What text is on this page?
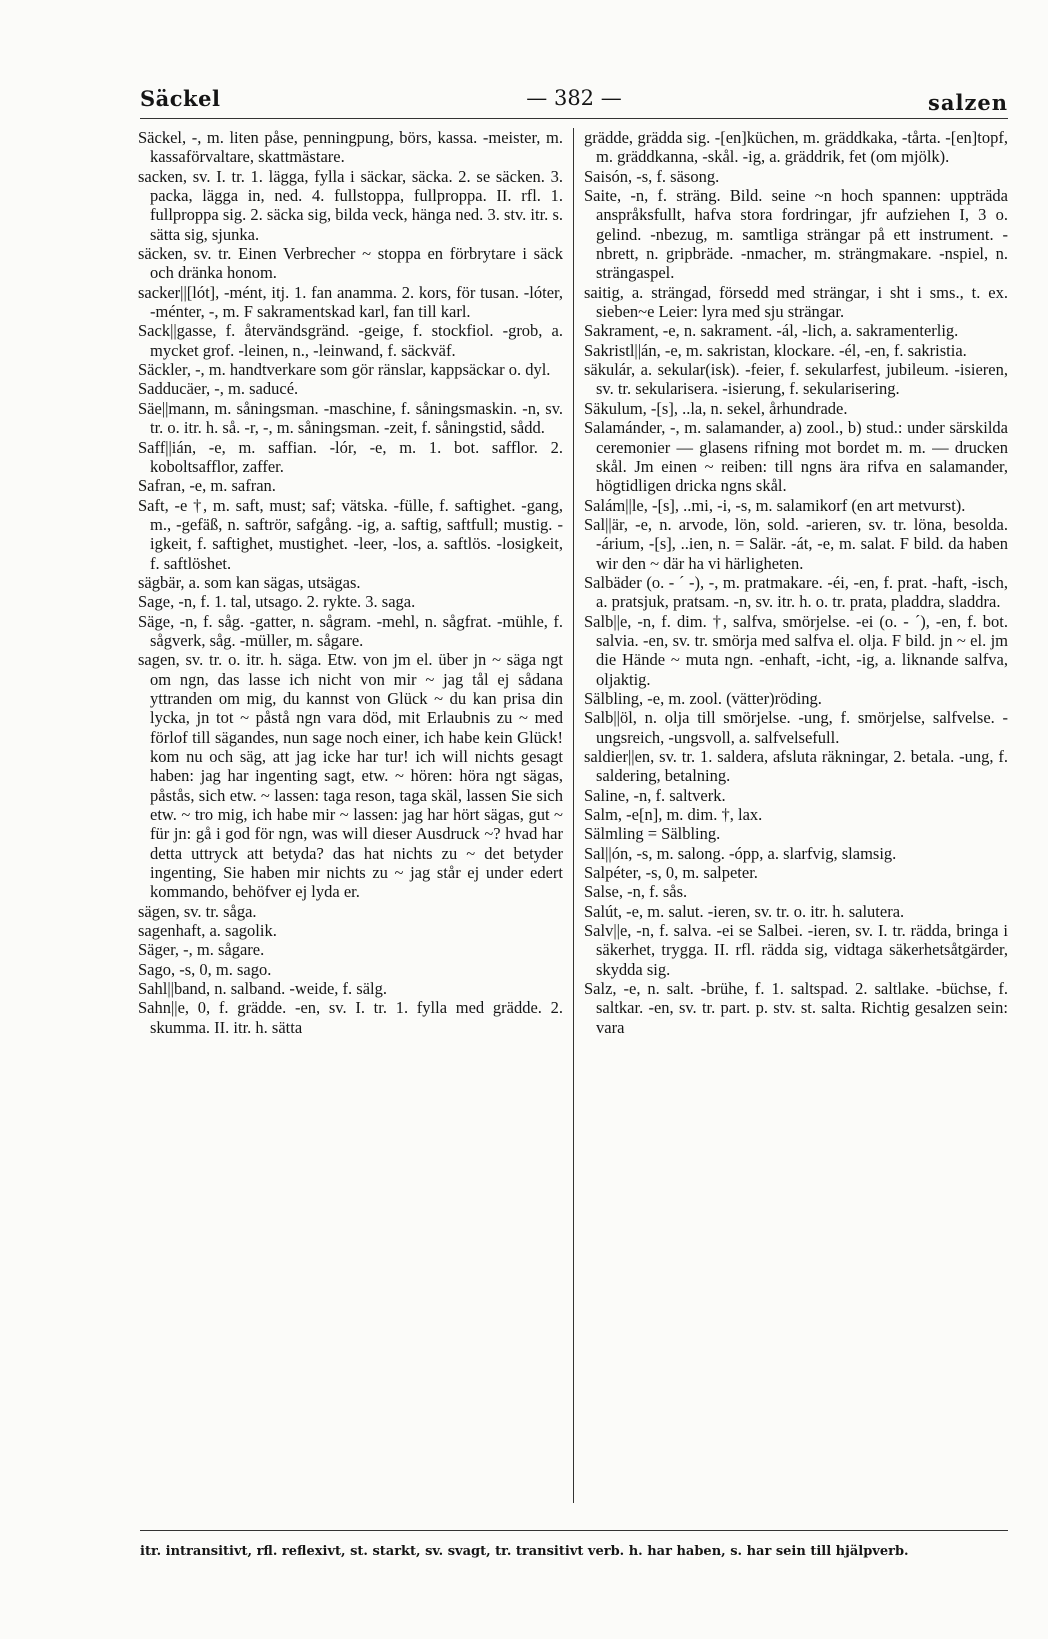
Säckel	— 382 —	salzen

Säckel, -, m. liten påse, penningpung, börs, kassa. -meister, m. kassaförvaltare, skattmästare.

sacken, sv. I. tr. 1. lägga, fylla i säckar, säcka. 2. se säcken. 3. packa, lägga in, ned. 4. fullstoppa, fullproppa. II. rfl. 1. fullproppa sig. 2. säcka sig, bilda veck, hänga ned. 3. stv. itr. s. sätta sig, sjunka.

säcken, sv. tr. Einen Verbrecher ~ stoppa en förbrytare i säck och dränka honom.

sacker||[lót], -mént, itj. 1. fan anamma. 2. kors, för tusan. -lóter, -ménter, -, m. F sakramentskad karl, fan till karl.

Sack||gasse, f. återvändsgränd. -geige, f. stockfiol. -grob, a. mycket grof. -leinen, n., -leinwand, f. säckväf.

Säckler, -, m. handtverkare som gör ränslar, kappsäckar o. dyl.

Sadducäer, -, m. saducé.

Säe||mann, m. såningsman. -maschine, f. såningsmaskin. -n, sv. tr. o. itr. h. så. -r, -, m. såningsman. -zeit, f. såningstid, sådd.

Saff||ián, -e, m. saffian. -lór, -e, m. 1. bot. safflor. 2. koboltsafflor, zaffer.

Safran, -e, m. safran.

Saft, -e †, m. saft, must; saf; vätska. -fülle, f. saftighet. -gang, m., -gefäß, n. saftrör, safgång. -ig, a. saftig, saftfull; mustig. -igkeit, f. saftighet, mustighet. -leer, -los, a. saftlös. -losigkeit, f. saftlöshet.

sägbär, a. som kan sägas, utsägas.

Sage, -n, f. 1. tal, utsago. 2. rykte. 3. saga.

Säge, -n, f. såg. -gatter, n. sågram. -mehl, n. sågfrat. -mühle, f. sågverk, såg. -müller, m. sågare.

sagen, sv. tr. o. itr. h. säga. Etw. von jm el. über jn ~ säga ngt om ngn, das lasse ich nicht von mir ~ jag tål ej sådana yttranden om mig, du kannst von Glück ~ du kan prisa din lycka, jn tot ~ påstå ngn vara död, mit Erlaubnis zu ~ med förlof till sägandes, nun sage noch einer, ich habe kein Glück! kom nu och säg, att jag icke har tur! ich will nichts gesagt haben: jag har ingenting sagt, etw. ~ hören: höra ngt sägas, påstås, sich etw. ~ lassen: taga reson, taga skäl, lassen Sie sich etw. ~ tro mig, ich habe mir ~ lassen: jag har hört sägas, gut ~ für jn: gå i god för ngn, was will dieser Ausdruck ~? hvad har detta uttryck att betyda? das hat nichts zu ~ det betyder ingenting, Sie haben mir nichts zu ~ jag står ej under edert kommando, behöfver ej lyda er.

sägen, sv. tr. såga.

sagenhaft, a. sagolik.

Säger, -, m. sågare.

Sago, -s, 0, m. sago.

Sahl||band, n. salband. -weide, f. sälg.

Sahn||e, 0, f. grädde. -en, sv. I. tr. 1. fylla med grädde. 2. skumma. II. itr. h. sätta

grädde, grädda sig. -[en]küchen, m. gräddkaka, -tårta. -[en]topf, m. gräddkanna, -skål. -ig, a. gräddrik, fet (om mjölk).

Saisón, -s, f. säsong.

Saite, -n, f. sträng. Bild. seine ~n hoch spannen: uppträda anspråksfullt, hafva stora fordringar, jfr aufziehen I, 3 o. gelind. -nbezug, m. samtliga strängar på ett instrument. -nbrett, n. gripbräde. -nmacher, m. strängmakare. -nspiel, n. strängaspel.

saitig, a. strängad, försedd med strängar, i sht i sms., t. ex. sieben~e Leier: lyra med sju strängar.

Sakrament, -e, n. sakrament. -ál, -lich, a. sakramenterlig.

Sakristl||án, -e, m. sakristan, klockare. -él, -en, f. sakristia.

säkulár, a. sekular(isk). -feier, f. sekularfest, jubileum. -isieren, sv. tr. sekularisera. -isierung, f. sekularisering.

Säkulum, -[s], ..la, n. sekel, århundrade.

Salamánder, -, m. salamander, a) zool., b) stud.: under särskilda ceremonier — glasens rifning mot bordet m. m. — drucken skål. Jm einen ~ reiben: till ngns ära rifva en salamander, högtidligen dricka ngns skål.

Salám||le, -[s], ..mi, -i, -s, m. salamikorf (en art metvurst).

Sal||är, -e, n. arvode, lön, sold. -arieren, sv. tr. löna, besolda. -árium, -[s], ..ien, n. = Salär. -át, -e, m. salat. F bild. da haben wir den ~ där ha vi härligheten.

Salbäder (o. - ´ -), -, m. pratmakare. -éi, -en, f. prat. -haft, -isch, a. pratsjuk, pratsam. -n, sv. itr. h. o. tr. prata, pladdra, sladdra.

Salb||e, -n, f. dim. †, salfva, smörjelse. -ei (o. - ´), -en, f. bot. salvia. -en, sv. tr. smörja med salfva el. olja. F bild. jn ~ el. jm die Hände ~ muta ngn. -enhaft, -icht, -ig, a. liknande salfva, oljaktig.

Sälbling, -e, m. zool. (vätter)röding.

Salb||öl, n. olja till smörjelse. -ung, f. smörjelse, salfvelse. -ungsreich, -ungsvoll, a. salfvelsefull.

saldier||en, sv. tr. 1. saldera, afsluta räkningar, 2. betala. -ung, f. saldering, betalning.

Saline, -n, f. saltverk.

Salm, -e[n], m. dim. †, lax.

Sälmling = Sälbling.

Sal||ón, -s, m. salong. -ópp, a. slarfvig, slamsig.

Salpéter, -s, 0, m. salpeter.

Salse, -n, f. sås.

Salút, -e, m. salut. -ieren, sv. tr. o. itr. h. salutera.

Salv||e, -n, f. salva. -ei se Salbei. -ieren, sv. I. tr. rädda, bringa i säkerhet, trygga. II. rfl. rädda sig, vidtaga säkerhetsåtgärder, skydda sig.

Salz, -e, n. salt. -brühe, f. 1. saltspad. 2. saltlake. -büchse, f. saltkar. -en, sv. tr. part. p. stv. st. salta. Richtig gesalzen sein: vara

itr. intransitivt, rfl. reflexivt, st. starkt, sv. svagt, tr. transitivt verb. h. har haben, s. har sein till hjälpverb.
